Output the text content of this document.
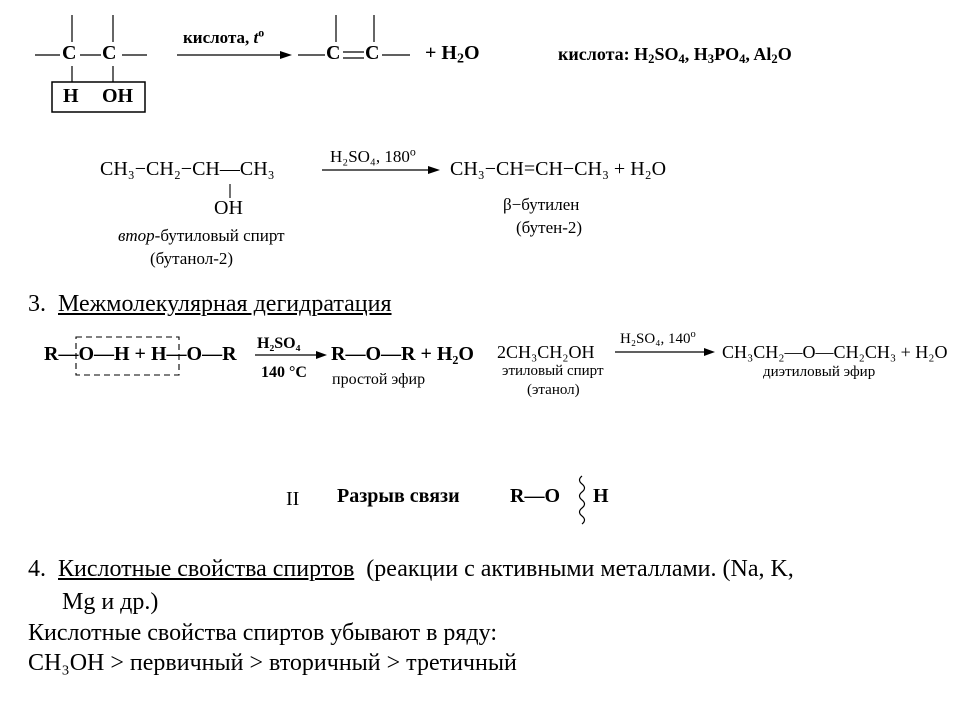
C C
H OH
кислота, $t^o$
C $C + H_2O$	кислота: $H_2SO_4$, $H_3PO_4$, $Al_2O$
CH₃−CH₂−CH—CH₃
OH
втор-бутиловый спирт
(бутанол-2)
H₂SO₄, 180$^o$
CH₃−CH=CH−CH₃ + H₂O
β−бутилен
(бутен-2)
3. Межмолекулярная дегидратация
R—O—H + H—O—R H₂SO₄
140 °C
R—O—R + H₂O
простой эфир
2CH₃CH₂OH
этиловый спирт
(этанол)
H₂SO₄, 140$^o$
CH₃CH₂—O—CH₂CH₃ + H₂O
диэтиловый эфир
II Разрыв связи	R—O H
4. Кислотные свойства спиртов (реакции с активными металлами. (Na, K,
Mg и др.)
Кислотные свойства спиртов убывают в ряду:
CH₃OH > первичный > вторичный > третичный
